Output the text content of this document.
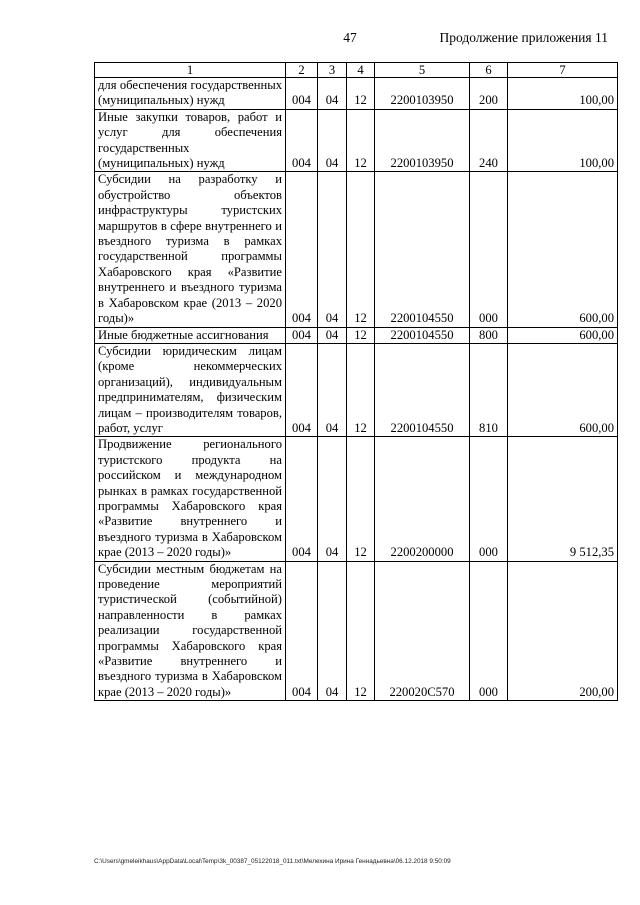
47	Продолжение приложения 11
1	2	3	4	5	6	7
для обеспечения государственных (муниципальных) нужд	004	04	12	2200103950	200	100,00
Иные закупки товаров, работ и услуг для обеспечения государственных (муниципальных) нужд	004	04	12	2200103950	240	100,00
Субсидии на разработку и обустройство объектов инфраструктуры туристских маршрутов в сфере внутреннего и въездного туризма в рамках государственной программы Хабаровского края «Развитие внутреннего и въездного туризма в Хабаровском крае (2013 – 2020 годы)»	004	04	12	2200104550	000	600,00
Иные бюджетные ассигнования	004	04	12	2200104550	800	600,00
Субсидии юридическим лицам (кроме некоммерческих организаций), индивидуальным предпринимателям, физическим лицам – производителям товаров, работ, услуг	004	04	12	2200104550	810	600,00
Продвижение регионального туристского продукта на российском и международном рынках в рамках государственной программы Хабаровского края «Развитие внутреннего и въездного туризма в Хабаровском крае (2013 – 2020 годы)»	004	04	12	2200200000	000	9 512,35
Субсидии местным бюджетам на проведение мероприятий туристической (событийной) направленности в рамках реализации государственной программы Хабаровского края «Развитие внутреннего и въездного туризма в Хабаровском крае (2013 – 2020 годы)»	004	04	12	220020С570	000	200,00
C:\Users\gmeleikhaus\AppData\Local\Temp\3k_00387_05122018_011.txt\Мелехина Ирина Геннадьевна\06.12.2018 9:50:09
